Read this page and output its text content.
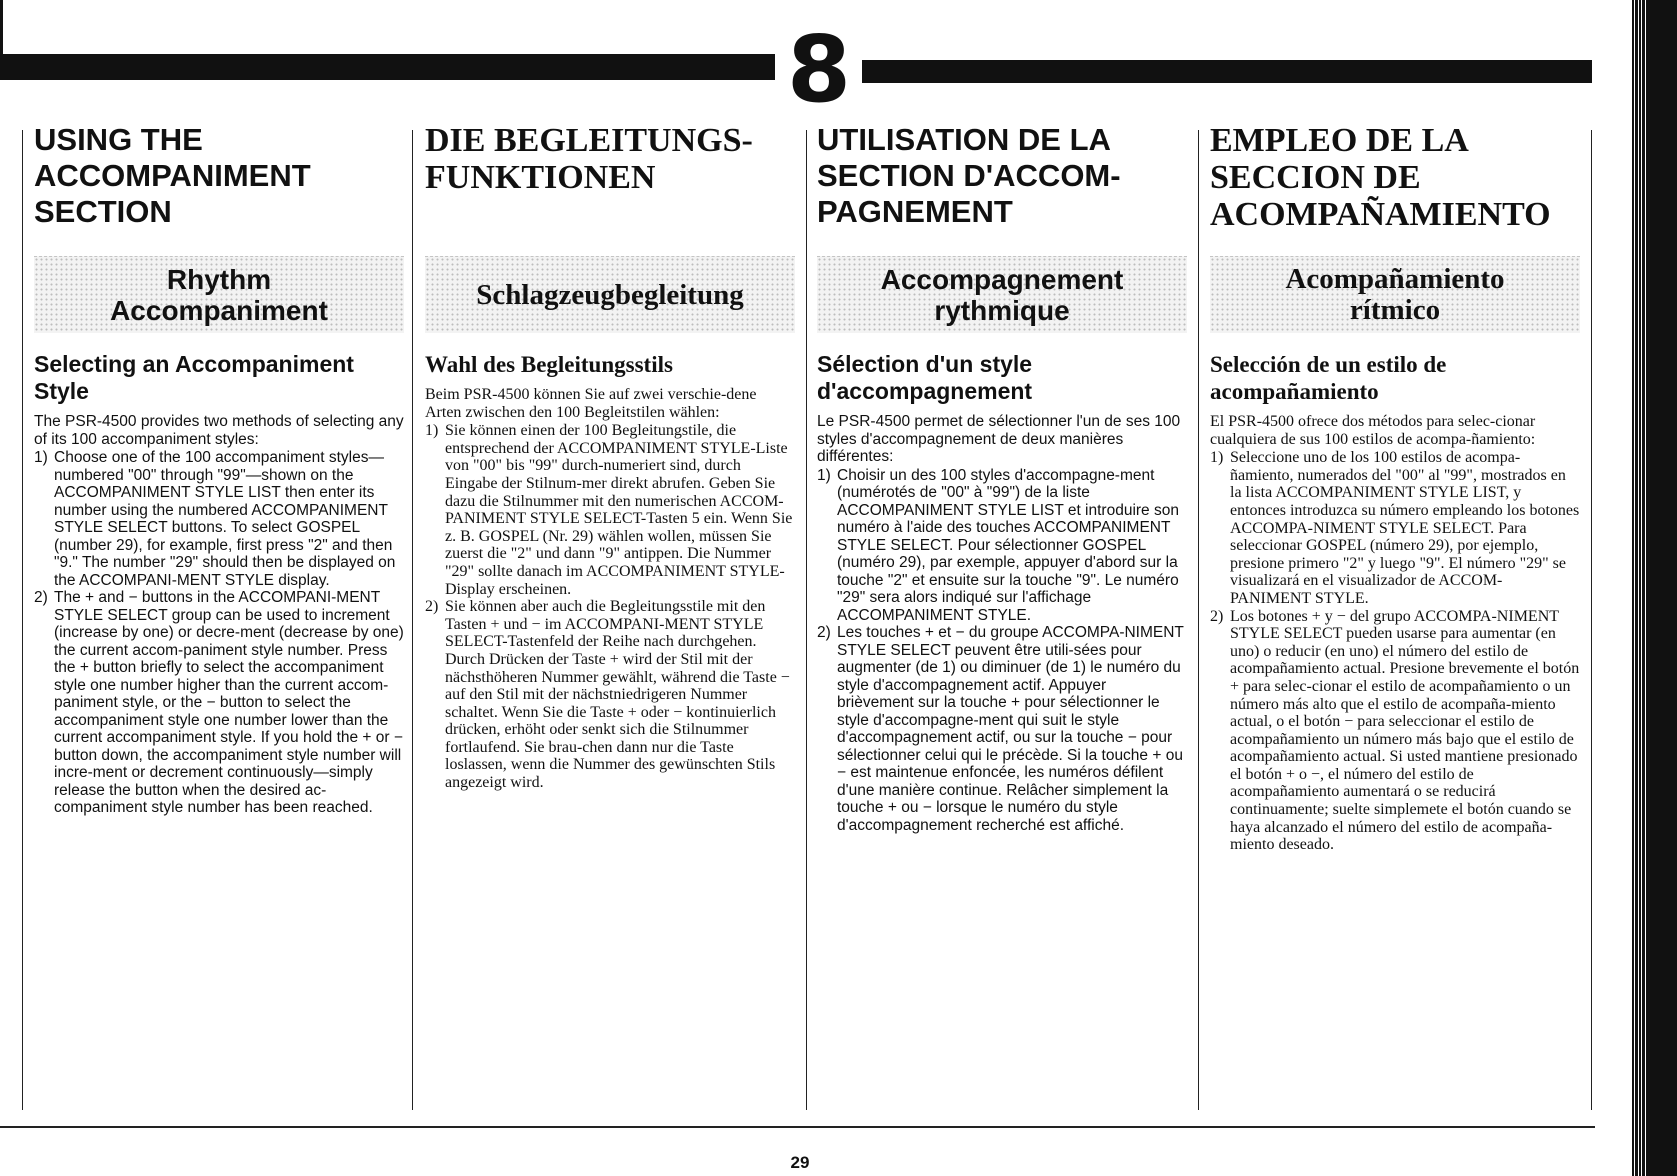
8
USING THE
ACCOMPANIMENT
SECTION
Rhythm
Accompaniment
Selecting an Accompaniment
Style

The PSR-4500 provides two methods of selecting any of its 100 accompaniment styles:

1) Choose one of the 100 accompaniment styles—numbered "00" through "99"—shown on the ACCOMPANIMENT STYLE LIST then enter its number using the numbered ACCOMPANIMENT STYLE SELECT buttons. To select GOSPEL (number 29), for example, first press "2" and then "9." The number "29" should then be displayed on the ACCOMPANI-MENT STYLE display.
2) The + and − buttons in the ACCOMPANI-MENT STYLE SELECT group can be used to increment (increase by one) or decre-ment (decrease by one) the current accom-paniment style number. Press the + button briefly to select the accompaniment style one number higher than the current accom-paniment style, or the − button to select the accompaniment style one number lower than the current accompaniment style. If you hold the + or − button down, the accompaniment style number will incre-ment or decrement continuously—simply release the button when the desired ac-companiment style number has been reached.
DIE BEGLEITUNGS-
FUNKTIONEN
Schlagzeugbegleitung
Wahl des Begleitungsstils

Beim PSR-4500 können Sie auf zwei verschie-dene Arten zwischen den 100 Begleitstilen wählen:

1) Sie können einen der 100 Begleitungstile, die entsprechend der ACCOMPANIMENT STYLE-Liste von "00" bis "99" durch-numeriert sind, durch Eingabe der Stilnum-mer direkt abrufen. Geben Sie dazu die Stilnummer mit den numerischen ACCOM-PANIMENT STYLE SELECT-Tasten 5 ein. Wenn Sie z. B. GOSPEL (Nr. 29) wählen wollen, müssen Sie zuerst die "2" und dann "9" antippen. Die Nummer "29" sollte danach im ACCOMPANIMENT STYLE-Display erscheinen.
2) Sie können aber auch die Begleitungsstile mit den Tasten + und − im ACCOMPANI-MENT STYLE SELECT-Tastenfeld der Reihe nach durchgehen. Durch Drücken der Taste + wird der Stil mit der nächsthöheren Nummer gewählt, während die Taste − auf den Stil mit der nächstniedrigeren Nummer schaltet. Wenn Sie die Taste + oder − kontinuierlich drücken, erhöht oder senkt sich die Stilnummer fortlaufend. Sie brau-chen dann nur die Taste loslassen, wenn die Nummer des gewünschten Stils angezeigt wird.
UTILISATION DE LA
SECTION D'ACCOM-
PAGNEMENT
Accompagnement
rythmique
Sélection d'un style
d'accompagnement

Le PSR-4500 permet de sélectionner l'un de ses 100 styles d'accompagnement de deux manières différentes:

1) Choisir un des 100 styles d'accompagne-ment (numérotés de "00" à "99") de la liste ACCOMPANIMENT STYLE LIST et introduire son numéro à l'aide des touches ACCOMPANIMENT STYLE SELECT. Pour sélectionner GOSPEL (numéro 29), par exemple, appuyer d'abord sur la touche "2" et ensuite sur la touche "9". Le numéro "29" sera alors indiqué sur l'affichage ACCOMPANIMENT STYLE.
2) Les touches + et − du groupe ACCOMPA-NIMENT STYLE SELECT peuvent être utili-sées pour augmenter (de 1) ou diminuer (de 1) le numéro du style d'accompagnement actif. Appuyer brièvement sur la touche + pour sélectionner le style d'accompagne-ment qui suit le style d'accompagnement actif, ou sur la touche − pour sélectionner celui qui le précède. Si la touche + ou − est maintenue enfoncée, les numéros défilent d'une manière continue. Relâcher simplement la touche + ou − lorsque le numéro du style d'accompagnement recherché est affiché.
EMPLEO DE LA
SECCION DE
ACOMPAÑAMIENTO
Acompañamiento
rítmico
Selección de un estilo de
acompañamiento

El PSR-4500 ofrece dos métodos para selec-cionar cualquiera de sus 100 estilos de acompa-ñamiento:

1) Seleccione uno de los 100 estilos de acompa-ñamiento, numerados del "00" al "99", mostrados en la lista ACCOMPANIMENT STYLE LIST, y entonces introduzca su número empleando los botones ACCOMPA-NIMENT STYLE SELECT. Para seleccionar GOSPEL (número 29), por ejemplo, presione primero "2" y luego "9". El número "29" se visualizará en el visualizador de ACCOM-PANIMENT STYLE.
2) Los botones + y − del grupo ACCOMPA-NIMENT STYLE SELECT pueden usarse para aumentar (en uno) o reducir (en uno) el número del estilo de acompañamiento actual. Presione brevemente el botón + para selec-cionar el estilo de acompañamiento o un número más alto que el estilo de acompaña-miento actual, o el botón − para seleccionar el estilo de acompañamiento un número más bajo que el estilo de acompañamiento actual. Si usted mantiene presionado el botón + o −, el número del estilo de acompañamiento aumentará o se reducirá continuamente; suelte simplemete el botón cuando se haya alcanzado el número del estilo de acompaña-miento deseado.
29
